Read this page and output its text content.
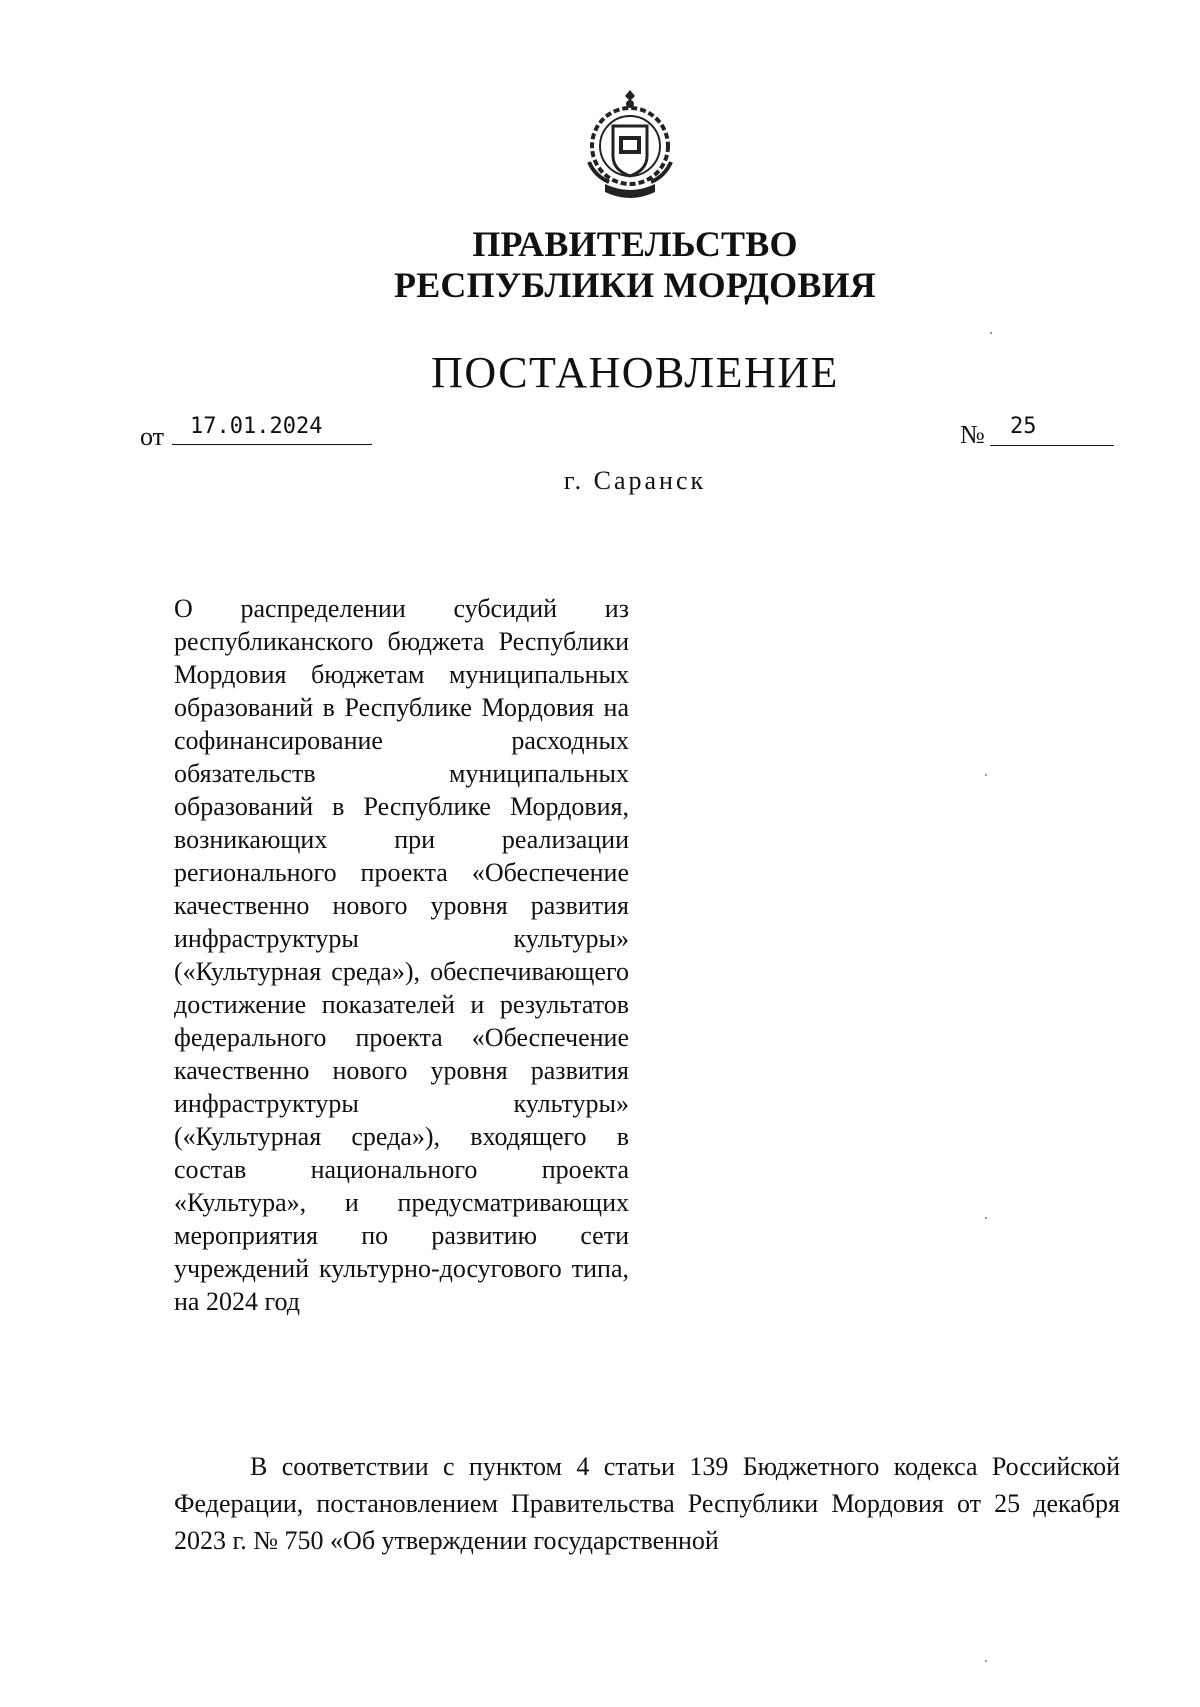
ПРАВИТЕЛЬСТВО
РЕСПУБЛИКИ МОРДОВИЯ
ПОСТАНОВЛЕНИЕ
от 17.01.2024	№ 25
г. Саранск
О распределении субсидий из республиканского бюджета Республики Мордовия бюджетам муниципальных образований в Республике Мордовия на софинансирование расходных обязательств муниципальных образований в Республике Мордовия, возникающих при реализации регионального проекта «Обеспечение качественно нового уровня развития инфраструктуры культуры» («Культурная среда»), обеспечивающего достижение показателей и результатов федерального проекта «Обеспечение качественно нового уровня развития инфраструктуры культуры» («Культурная среда»), входящего в состав национального проекта «Культура», и предусматривающих мероприятия по развитию сети учреждений культурно-досугового типа, на 2024 год
В соответствии с пунктом 4 статьи 139 Бюджетного кодекса Российской Федерации, постановлением Правительства Республики Мордовия от 25 декабря 2023 г. № 750 «Об утверждении государственной
